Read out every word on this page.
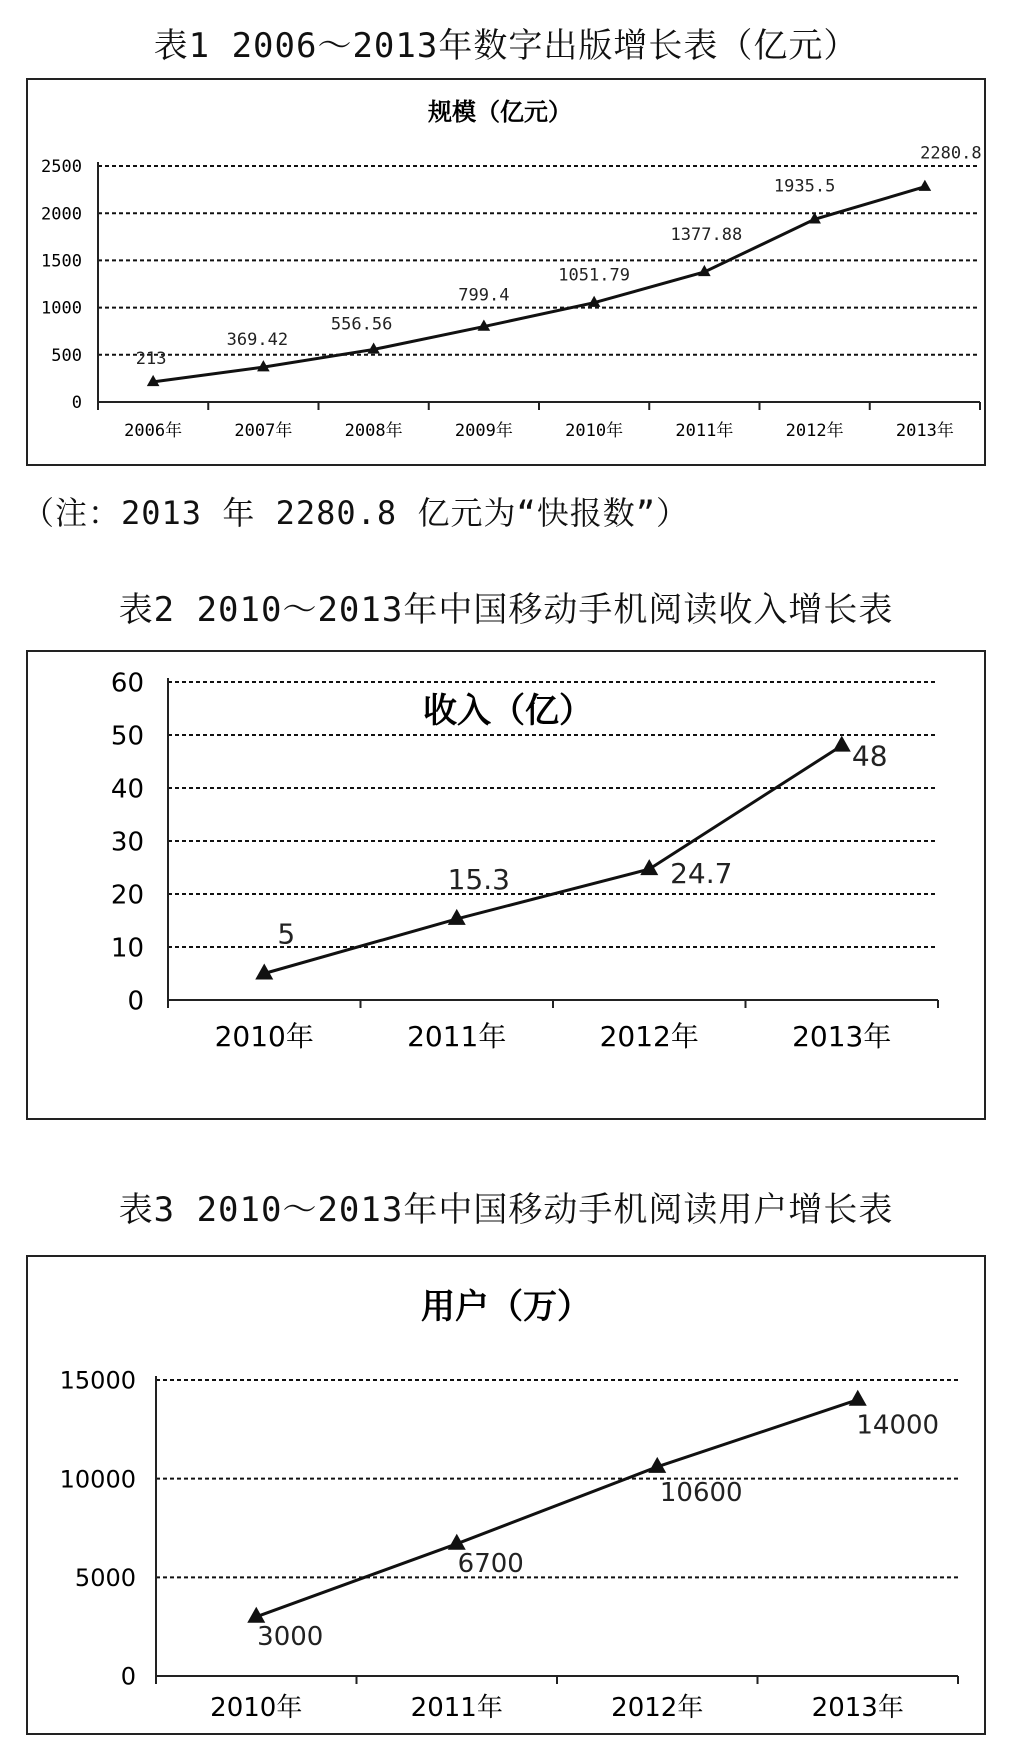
表1 2006～2013年数字出版增长表（亿元）
规模（亿元）
0
500
1000
1500
2000
2500
2006年	2007年	2008年	2009年	2010年	2011年	2012年	2013年
213
369.42
556.56
799.4
1051.79
1377.88
1935.5
2280.8
（注：2013 年 2280.8 亿元为“快报数”）
表2 2010～2013年中国移动手机阅读收入增长表
收入（亿）
0
10
20
30
40
50
60
2010年	2011年	2012年	2013年
5
15.3	24.7
48
表3 2010～2013年中国移动手机阅读用户增长表
用户（万）
0
5000
10000
15000
2010年	2011年	2012年	2013年
3000
6700
10600
14000
